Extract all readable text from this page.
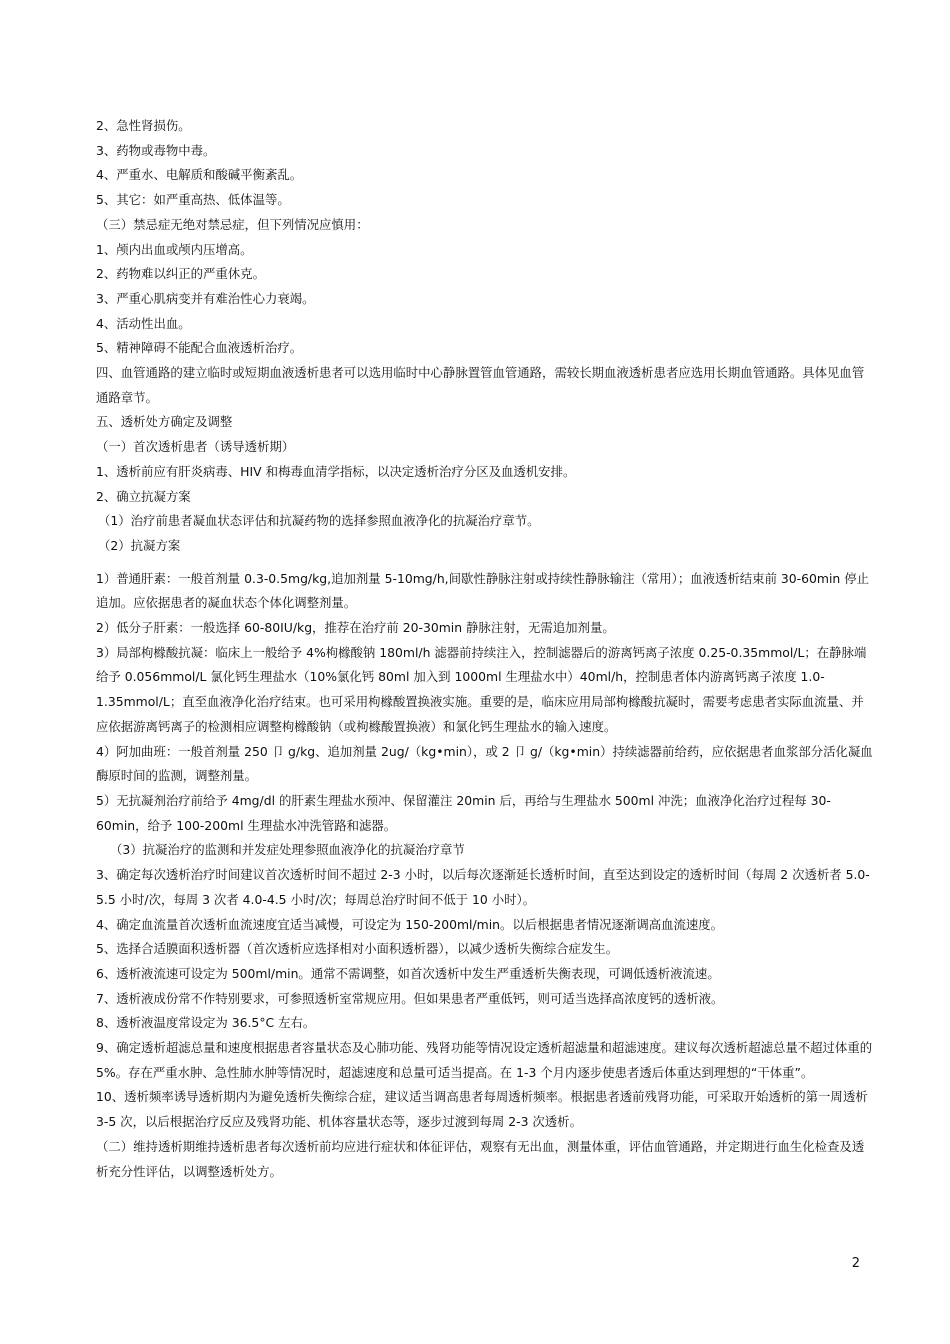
2、急性肾损伤。
3、药物或毒物中毒。
4、严重水、电解质和酸碱平衡紊乱。
5、其它：如严重高热、低体温等。
（三）禁忌症无绝对禁忌症，但下列情况应慎用：
1、颅内出血或颅内压增高。
2、药物难以纠正的严重休克。
3、严重心肌病变并有难治性心力衰竭。
4、活动性出血。
5、精神障碍不能配合血液透析治疗。
四、血管通路的建立临时或短期血液透析患者可以选用临时中心静脉置管血管通路，需较长期血液透析患者应选用长期血管通路。具体见血管通路章节。
五、透析处方确定及调整
（一）首次透析患者（诱导透析期）
1、透析前应有肝炎病毒、HIV 和梅毒血清学指标，以决定透析治疗分区及血透机安排。
2、确立抗凝方案
（1）治疗前患者凝血状态评估和抗凝药物的选择参照血液净化的抗凝治疗章节。
（2）抗凝方案
1）普通肝素：一般首剂量 0.3-0.5mg/kg,追加剂量 5-10mg/h,间歇性静脉注射或持续性静脉输注（常用）；血液透析结束前 30-60min 停止追加。应依据患者的凝血状态个体化调整剂量。
2）低分子肝素：一般选择 60-80IU/kg，推荐在治疗前 20-30min 静脉注射，无需追加剂量。
3）局部枸橼酸抗凝：临床上一般给予 4%枸橼酸钠 180ml/h 滤器前持续注入，控制滤器后的游离钙离子浓度 0.25-0.35mmol/L；在静脉端给予 0.056mmol/L 氯化钙生理盐水（10%氯化钙 80ml 加入到 1000ml 生理盐水中）40ml/h，控制患者体内游离钙离子浓度 1.0-1.35mmol/L；直至血液净化治疗结束。也可采用枸橼酸置换液实施。重要的是，临床应用局部枸橼酸抗凝时，需要考虑患者实际血流量、并应依据游离钙离子的检测相应调整枸橼酸钠（或枸橼酸置换液）和氯化钙生理盐水的输入速度。
4）阿加曲班：一般首剂量 250 卩 g/kg、追加剂量 2ug/（kg•min），或 2 卩 g/（kg•min）持续滤器前给药，应依据患者血浆部分活化凝血酶原时间的监测，调整剂量。
5）无抗凝剂治疗前给予 4mg/dl 的肝素生理盐水预冲、保留灌注 20min 后，再给与生理盐水 500ml 冲洗；血液净化治疗过程每 30-60min，给予 100-200ml 生理盐水冲洗管路和滤器。
（3）抗凝治疗的监测和并发症处理参照血液净化的抗凝治疗章节
3、确定每次透析治疗时间建议首次透析时间不超过 2-3 小时，以后每次逐渐延长透析时间，直至达到设定的透析时间（每周 2 次透析者 5.0-5.5 小时/次，每周 3 次者 4.0-4.5 小时/次；每周总治疗时间不低于 10 小时）。
4、确定血流量首次透析血流速度宜适当减慢，可设定为 150-200ml/min。以后根据患者情况逐渐调高血流速度。
5、选择合适膜面积透析器（首次透析应选择相对小面积透析器），以减少透析失衡综合症发生。
6、透析液流速可设定为 500ml/min。通常不需调整，如首次透析中发生严重透析失衡表现，可调低透析液流速。
7、透析液成份常不作特别要求，可参照透析室常规应用。但如果患者严重低钙，则可适当选择高浓度钙的透析液。
8、透析液温度常设定为 36.5°C 左右。
9、确定透析超滤总量和速度根据患者容量状态及心肺功能、残肾功能等情况设定透析超滤量和超滤速度。建议每次透析超滤总量不超过体重的 5%。存在严重水肿、急性肺水肿等情况时，超滤速度和总量可适当提高。在 1-3 个月内逐步使患者透后体重达到理想的“干体重”。
10、透析频率诱导透析期内为避免透析失衡综合症，建议适当调高患者每周透析频率。根据患者透前残肾功能，可采取开始透析的第一周透析 3-5 次，以后根据治疗反应及残肾功能、机体容量状态等，逐步过渡到每周 2-3 次透析。
（二）维持透析期维持透析患者每次透析前均应进行症状和体征评估，观察有无出血，测量体重，评估血管通路，并定期进行血生化检查及透析充分性评估，以调整透析处方。
2
